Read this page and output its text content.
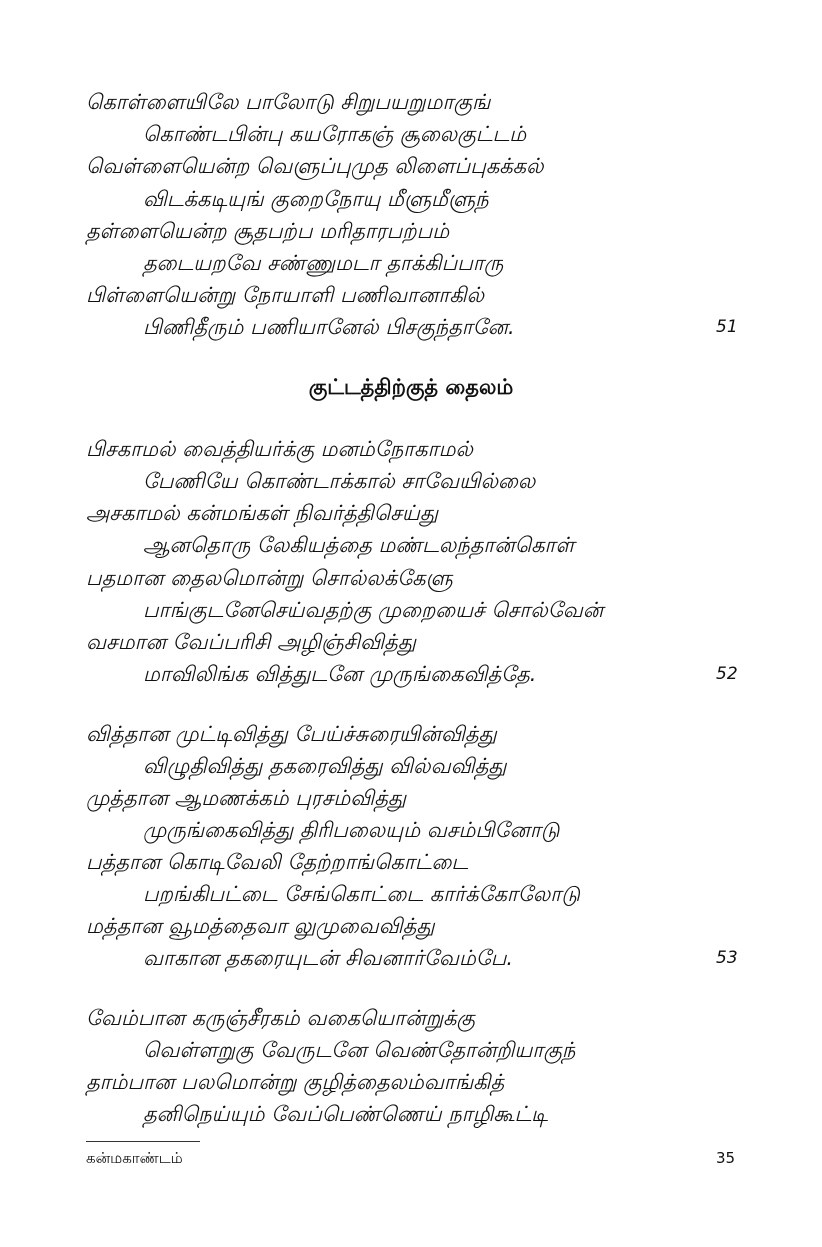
கொள்ளையிலே பாலோடு சிறுபயறுமாகுங்
கொண்டபின்பு கயரோகஞ் சூலைகுட்டம்
வெள்ளையென்ற வெளுப்புமுத லிளைப்புகக்கல்
விடக்கடியுங் குறைநோயு மீளுமீளுந்
தள்ளையென்ற சூதபற்ப மரிதாரபற்பம்
தடையறவே சண்ணுமடா தாக்கிப்பாரு
பிள்ளையென்று நோயாளி பணிவானாகில்
பிணிதீரும் பணியானேல் பிசகுந்தானே.	51
குட்டத்திற்குத் தைலம்
பிசகாமல் வைத்தியர்க்கு மனம்நோகாமல்
பேணியே கொண்டாக்கால் சாவேயில்லை
அசகாமல் கன்மங்கள் நிவர்த்திசெய்து
ஆனதொரு லேகியத்தை மண்டலந்தான்கொள்
பதமான தைலமொன்று சொல்லக்கேளு
பாங்குடனேசெய்வதற்கு முறையைச் சொல்வேன்
வசமான வேப்பரிசி அழிஞ்சிவித்து
மாவிலிங்க வித்துடனே முருங்கைவித்தே.	52
வித்தான முட்டிவித்து பேய்ச்சுரையின்வித்து
விழுதிவித்து தகரைவித்து வில்வவித்து
முத்தான ஆமணக்கம் புரசம்வித்து
முருங்கைவித்து திரிபலையும் வசம்பினோடு
பத்தான கொடிவேலி தேற்றாங்கொட்டை
பறங்கிபட்டை சேங்கொட்டை கார்க்கோலோடு
மத்தான வூமத்தைவா லுமுவைவித்து
வாகான தகரையுடன் சிவனார்வேம்பே.	53
வேம்பான கருஞ்சீரகம் வகையொன்றுக்கு
வெள்ளறுகு வேருடனே வெண்தோன்றியாகுந்
தாம்பான பலமொன்று குழித்தைலம்வாங்கித்
தனிநெய்யும் வேப்பெண்ணெய் நாழிகூட்டி
கன்மகாண்டம்	35
